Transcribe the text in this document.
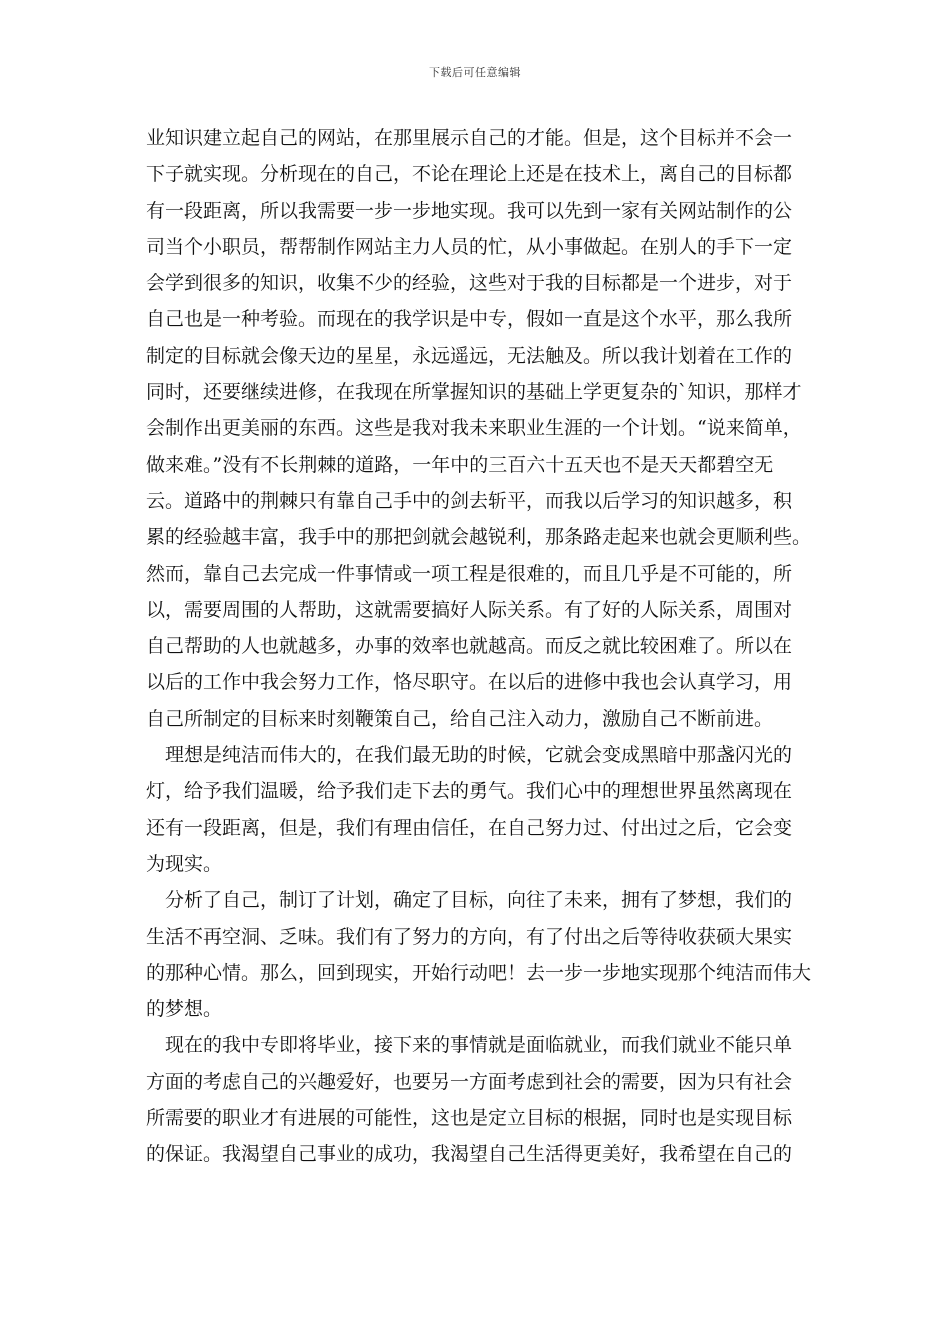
下载后可任意编辑
业知识建立起自己的网站，在那里展示自己的才能。但是，这个目标并不会一
下子就实现。分析现在的自己，不论在理论上还是在技术上，离自己的目标都
有一段距离，所以我需要一步一步地实现。我可以先到一家有关网站制作的公
司当个小职员，帮帮制作网站主力人员的忙，从小事做起。在别人的手下一定
会学到很多的知识，收集不少的经验，这些对于我的目标都是一个进步，对于
自己也是一种考验。而现在的我学识是中专，假如一直是这个水平，那么我所
制定的目标就会像天边的星星，永远遥远，无法触及。所以我计划着在工作的
同时，还要继续进修，在我现在所掌握知识的基础上学更复杂的`知识，那样才
会制作出更美丽的东西。这些是我对我未来职业生涯的一个计划。“说来简单，
做来难。”没有不长荆棘的道路，一年中的三百六十五天也不是天天都碧空无
云。道路中的荆棘只有靠自己手中的剑去斩平，而我以后学习的知识越多，积
累的经验越丰富，我手中的那把剑就会越锐利，那条路走起来也就会更顺利些。
然而，靠自己去完成一件事情或一项工程是很难的，而且几乎是不可能的，所
以，需要周围的人帮助，这就需要搞好人际关系。有了好的人际关系，周围对
自己帮助的人也就越多，办事的效率也就越高。而反之就比较困难了。所以在
以后的工作中我会努力工作，恪尽职守。在以后的进修中我也会认真学习，用
自己所制定的目标来时刻鞭策自己，给自己注入动力，激励自己不断前进。
理想是纯洁而伟大的，在我们最无助的时候，它就会变成黑暗中那盏闪光的
灯，给予我们温暖，给予我们走下去的勇气。我们心中的理想世界虽然离现在
还有一段距离，但是，我们有理由信任，在自己努力过、付出过之后，它会变
为现实。
分析了自己，制订了计划，确定了目标，向往了未来，拥有了梦想，我们的
生活不再空洞、乏味。我们有了努力的方向，有了付出之后等待收获硕大果实
的那种心情。那么，回到现实，开始行动吧！去一步一步地实现那个纯洁而伟大
的梦想。
现在的我中专即将毕业，接下来的事情就是面临就业，而我们就业不能只单
方面的考虑自己的兴趣爱好，也要另一方面考虑到社会的需要，因为只有社会
所需要的职业才有进展的可能性，这也是定立目标的根据，同时也是实现目标
的保证。我渴望自己事业的成功，我渴望自己生活得更美好，我希望在自己的
